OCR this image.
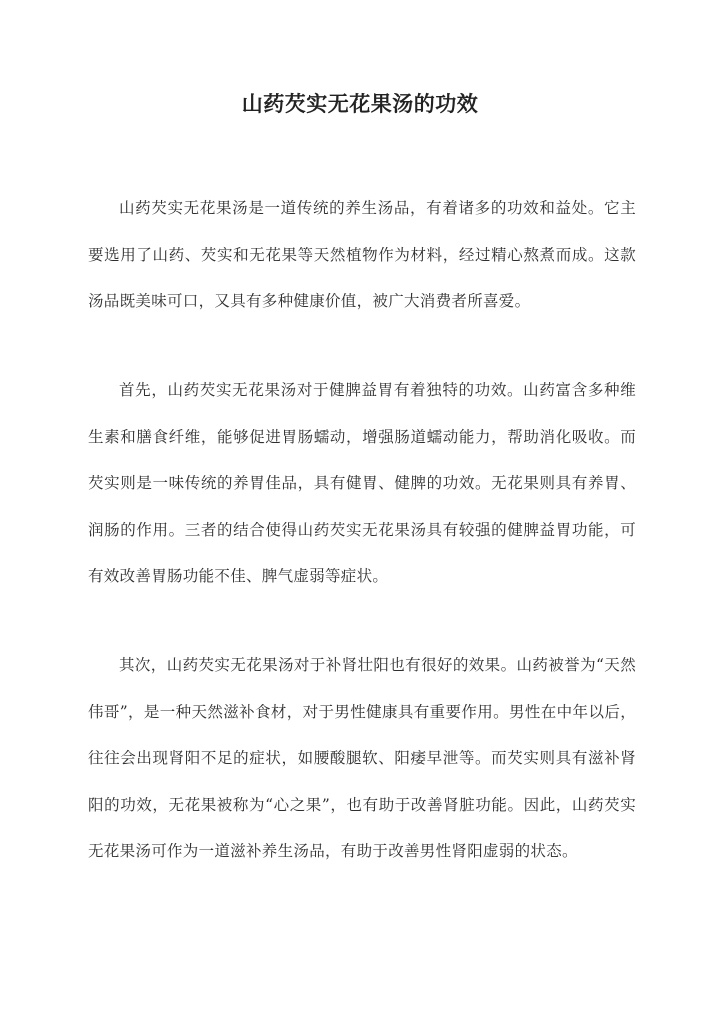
山药芡实无花果汤的功效

山药芡实无花果汤是一道传统的养生汤品，有着诸多的功效和益处。它主要选用了山药、芡实和无花果等天然植物作为材料，经过精心熬煮而成。这款汤品既美味可口，又具有多种健康价值，被广大消费者所喜爱。

首先，山药芡实无花果汤对于健脾益胃有着独特的功效。山药富含多种维生素和膳食纤维，能够促进胃肠蠕动，增强肠道蠕动能力，帮助消化吸收。而芡实则是一味传统的养胃佳品，具有健胃、健脾的功效。无花果则具有养胃、润肠的作用。三者的结合使得山药芡实无花果汤具有较强的健脾益胃功能，可有效改善胃肠功能不佳、脾气虚弱等症状。

其次，山药芡实无花果汤对于补肾壮阳也有很好的效果。山药被誉为“天然伟哥”，是一种天然滋补食材，对于男性健康具有重要作用。男性在中年以后，往往会出现肾阳不足的症状，如腰酸腿软、阳痿早泄等。而芡实则具有滋补肾阳的功效，无花果被称为“心之果”，也有助于改善肾脏功能。因此，山药芡实无花果汤可作为一道滋补养生汤品，有助于改善男性肾阳虚弱的状态。
